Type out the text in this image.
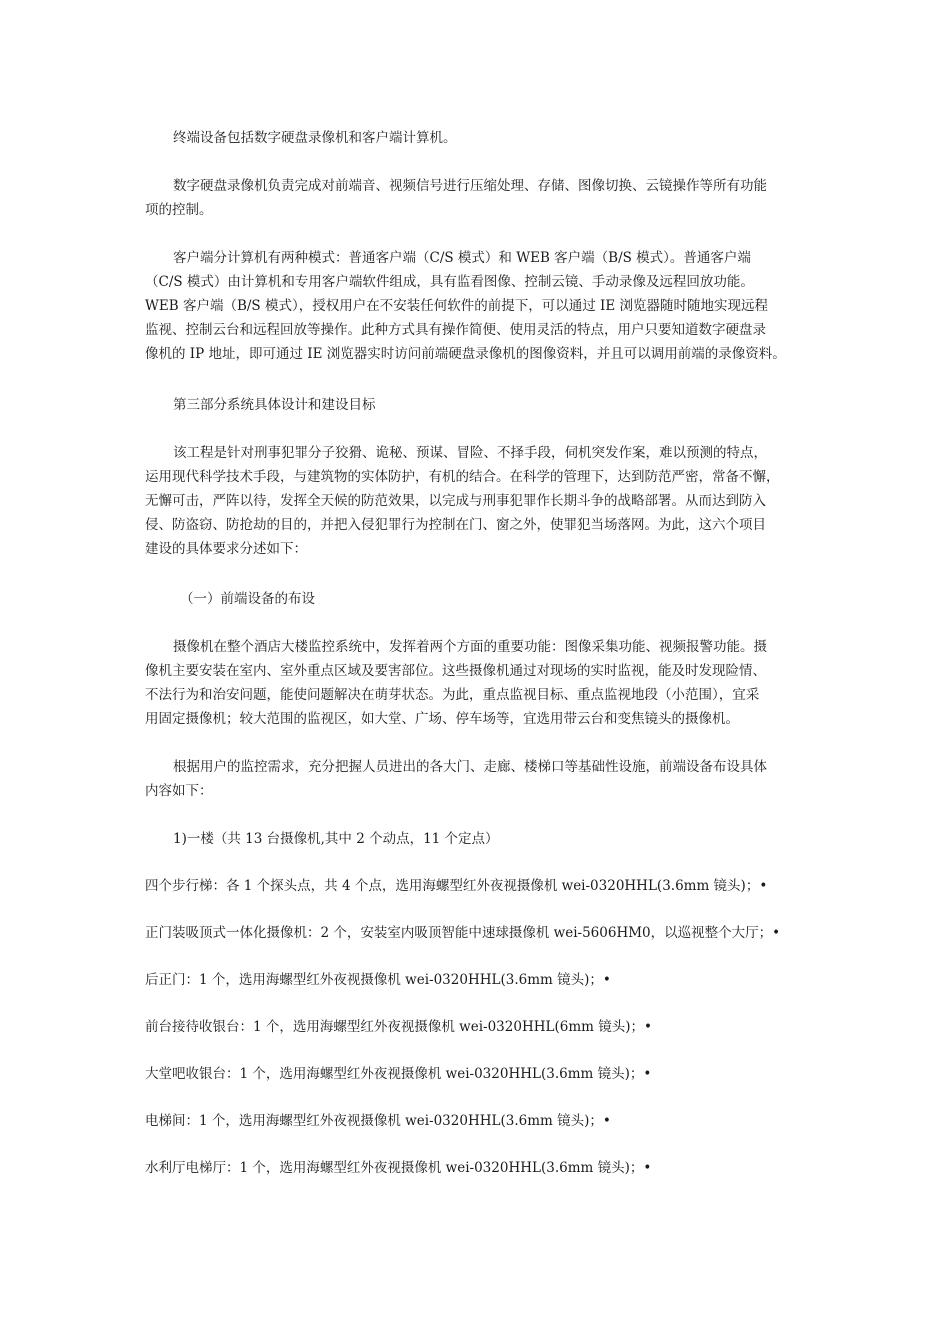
终端设备包括数字硬盘录像机和客户端计算机。

数字硬盘录像机负责完成对前端音、视频信号进行压缩处理、存储、图像切换、云镜操作等所有功能

项的控制。

客户端分计算机有两种模式：普通客户端（C/S 模式）和 WEB 客户端（B/S 模式）。普通客户端

（C/S 模式）由计算机和专用客户端软件组成，具有监看图像、控制云镜、手动录像及远程回放功能。

WEB 客户端（B/S 模式），授权用户在不安装任何软件的前提下，可以通过 IE 浏览器随时随地实现远程

监视、控制云台和远程回放等操作。此种方式具有操作简便、使用灵活的特点，用户只要知道数字硬盘录

像机的 IP 地址，即可通过 IE 浏览器实时访问前端硬盘录像机的图像资料，并且可以调用前端的录像资料。

第三部分系统具体设计和建设目标

该工程是针对刑事犯罪分子狡猾、诡秘、预谋、冒险、不择手段，伺机突发作案，难以预测的特点，

运用现代科学技术手段，与建筑物的实体防护，有机的结合。在科学的管理下，达到防范严密，常备不懈，

无懈可击，严阵以待，发挥全天候的防范效果，以完成与刑事犯罪作长期斗争的战略部署。从而达到防入

侵、防盗窃、防抢劫的目的，并把入侵犯罪行为控制在门、窗之外，使罪犯当场落网。为此，这六个项目

建设的具体要求分述如下：

（一）前端设备的布设

摄像机在整个酒店大楼监控系统中，发挥着两个方面的重要功能：图像采集功能、视频报警功能。摄

像机主要安装在室内、室外重点区域及要害部位。这些摄像机通过对现场的实时监视，能及时发现险情、

不法行为和治安问题，能使问题解决在萌芽状态。为此，重点监视目标、重点监视地段（小范围），宜采

用固定摄像机；较大范围的监视区，如大堂、广场、停车场等，宜选用带云台和变焦镜头的摄像机。

根据用户的监控需求，充分把握人员进出的各大门、走廊、楼梯口等基础性设施，前端设备布设具体

内容如下：

1)一楼（共 13 台摄像机,其中 2 个动点，11 个定点）

四个步行梯：各 1 个探头点，共 4 个点，选用海螺型红外夜视摄像机 wei-0320HHL(3.6mm 镜头)；•

正门装吸顶式一体化摄像机：2 个，安装室内吸顶智能中速球摄像机 wei-5606HM0，以巡视整个大厅；•

后正门：1 个，选用海螺型红外夜视摄像机 wei-0320HHL(3.6mm 镜头)；•

前台接待收银台：1 个，选用海螺型红外夜视摄像机 wei-0320HHL(6mm 镜头)；•

大堂吧收银台：1 个，选用海螺型红外夜视摄像机 wei-0320HHL(3.6mm 镜头)；•

电梯间：1 个，选用海螺型红外夜视摄像机 wei-0320HHL(3.6mm 镜头)；•

水利厅电梯厅：1 个，选用海螺型红外夜视摄像机 wei-0320HHL(3.6mm 镜头)；•
